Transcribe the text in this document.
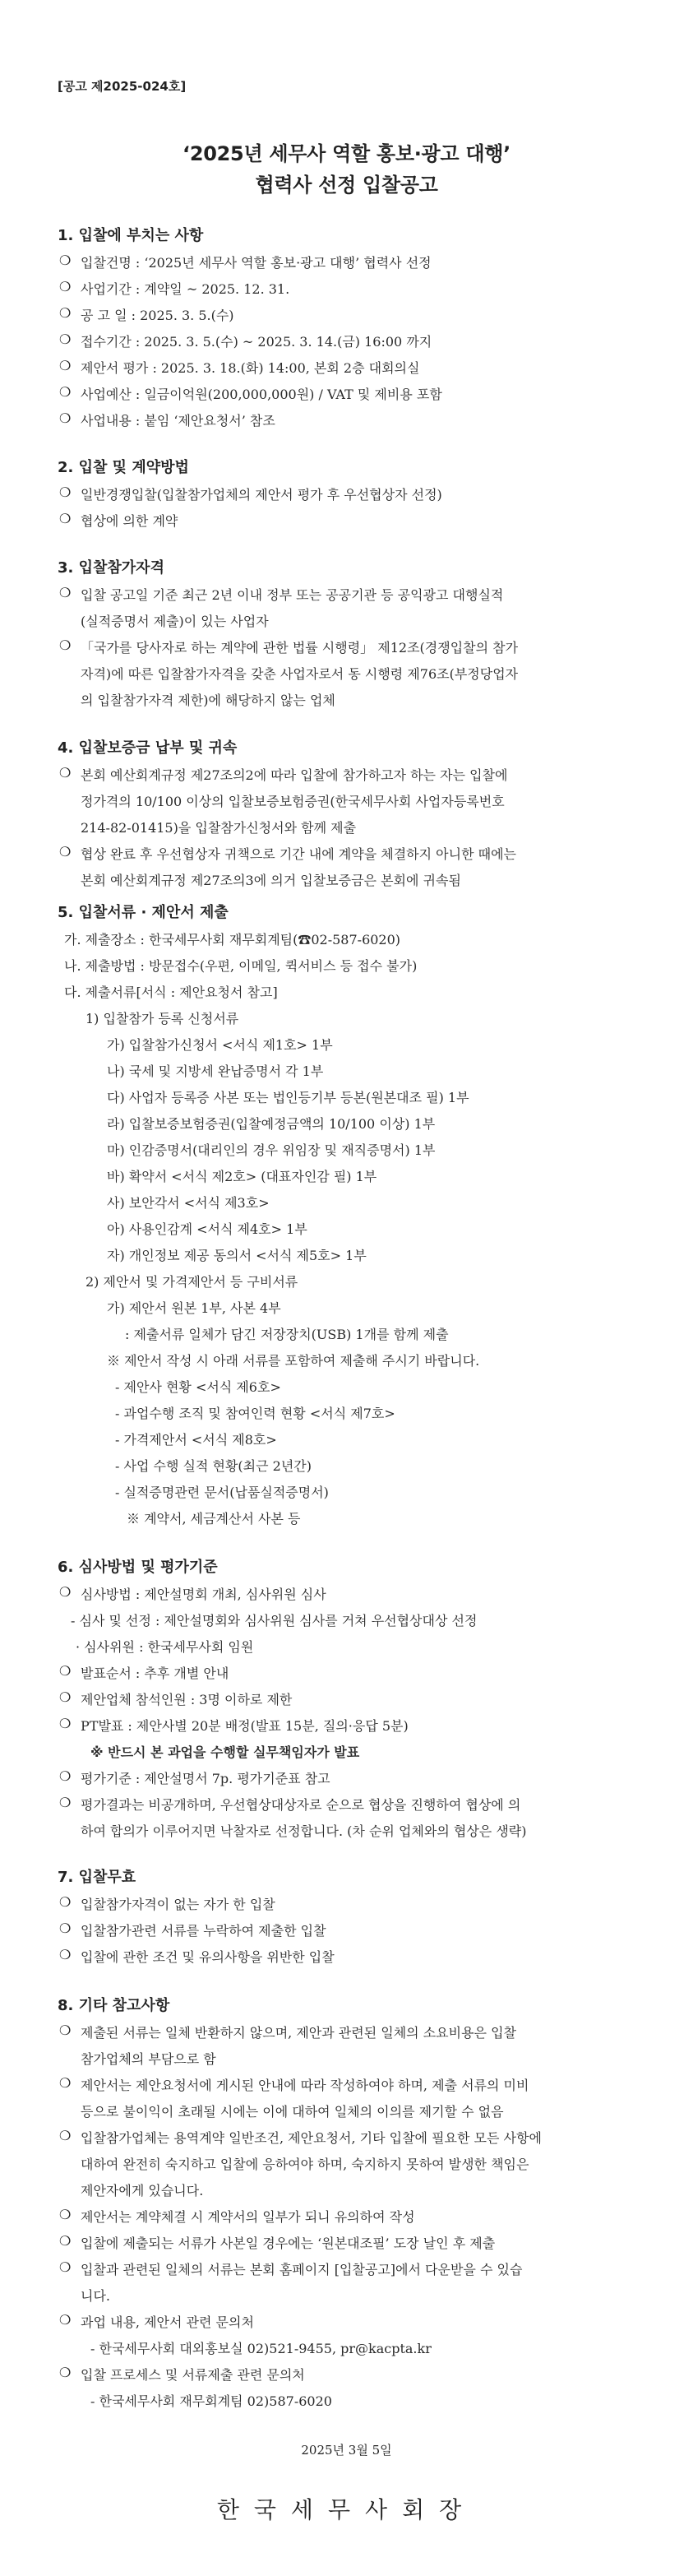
[공고 제2025-024호]
‘2025년 세무사 역할 홍보·광고 대행’
협력사 선정 입찰공고
1. 입찰에 부치는 사항
❍ 입찰건명 : ‘2025년 세무사 역할 홍보·광고 대행’ 협력사 선정
❍ 사업기간 : 계약일 ~ 2025. 12. 31.
❍ 공 고 일 : 2025. 3. 5.(수)
❍ 접수기간 : 2025. 3. 5.(수) ~ 2025. 3. 14.(금) 16:00 까지
❍ 제안서 평가 : 2025. 3. 18.(화) 14:00, 본회 2층 대회의실
❍ 사업예산 : 일금이억원(200,000,000원) / VAT 및 제비용 포함
❍ 사업내용 : 붙임 ‘제안요청서’ 참조
2. 입찰 및 계약방법
❍ 일반경쟁입찰(입찰참가업체의 제안서 평가 후 우선협상자 선정)
❍ 협상에 의한 계약
3. 입찰참가자격
❍ 입찰 공고일 기준 최근 2년 이내 정부 또는 공공기관 등 공익광고 대행실적
(실적증명서 제출)이 있는 사업자
❍ 「국가를 당사자로 하는 계약에 관한 법률 시행령」 제12조(경쟁입찰의 참가
자격)에 따른 입찰참가자격을 갖춘 사업자로서 동 시행령 제76조(부정당업자
의 입찰참가자격 제한)에 해당하지 않는 업체
4. 입찰보증금 납부 및 귀속
❍ 본회 예산회계규정 제27조의2에 따라 입찰에 참가하고자 하는 자는 입찰에
정가격의 10/100 이상의 입찰보증보험증권(한국세무사회 사업자등록번호
214-82-01415)을 입찰참가신청서와 함께 제출
❍ 협상 완료 후 우선협상자 귀책으로 기간 내에 계약을 체결하지 아니한 때에는
본회 예산회계규정 제27조의3에 의거 입찰보증금은 본회에 귀속됨
5. 입찰서류 · 제안서 제출
가. 제출장소 : 한국세무사회 재무회계팀(☎02-587-6020)
나. 제출방법 : 방문접수(우편, 이메일, 퀵서비스 등 접수 불가)
다. 제출서류[서식 : 제안요청서 참고]
1) 입찰참가 등록 신청서류
가) 입찰참가신청서 <서식 제1호> 1부
나) 국세 및 지방세 완납증명서 각 1부
다) 사업자 등록증 사본 또는 법인등기부 등본(원본대조 필) 1부
라) 입찰보증보험증권(입찰예정금액의 10/100 이상) 1부
마) 인감증명서(대리인의 경우 위임장 및 재직증명서) 1부
바) 확약서 <서식 제2호> (대표자인감 필) 1부
사) 보안각서 <서식 제3호>
아) 사용인감계 <서식 제4호> 1부
자) 개인정보 제공 동의서 <서식 제5호> 1부
2) 제안서 및 가격제안서 등 구비서류
가) 제안서 원본 1부, 사본 4부
: 제출서류 일체가 담긴 저장장치(USB) 1개를 함께 제출
※ 제안서 작성 시 아래 서류를 포함하여 제출해 주시기 바랍니다.
- 제안사 현황 <서식 제6호>
- 과업수행 조직 및 참여인력 현황 <서식 제7호>
- 가격제안서 <서식 제8호>
- 사업 수행 실적 현황(최근 2년간)
- 실적증명관련 문서(납품실적증명서)
※ 계약서, 세금계산서 사본 등
6. 심사방법 및 평가기준
❍ 심사방법 : 제안설명회 개최, 심사위원 심사
- 심사 및 선정 : 제안설명회와 심사위원 심사를 거쳐 우선협상대상 선정
· 심사위원 : 한국세무사회 임원
❍ 발표순서 : 추후 개별 안내
❍ 제안업체 참석인원 : 3명 이하로 제한
❍ PT발표 : 제안사별 20분 배정(발표 15분, 질의·응답 5분)
※ 반드시 본 과업을 수행할 실무책임자가 발표
❍ 평가기준 : 제안설명서 7p. 평가기준표 참고
❍ 평가결과는 비공개하며, 우선협상대상자로 순으로 협상을 진행하여 협상에 의
하여 합의가 이루어지면 낙찰자로 선정합니다. (차 순위 업체와의 협상은 생략)
7. 입찰무효
❍ 입찰참가자격이 없는 자가 한 입찰
❍ 입찰참가관련 서류를 누락하여 제출한 입찰
❍ 입찰에 관한 조건 및 유의사항을 위반한 입찰
8. 기타 참고사항
❍ 제출된 서류는 일체 반환하지 않으며, 제안과 관련된 일체의 소요비용은 입찰
참가업체의 부담으로 함
❍ 제안서는 제안요청서에 게시된 안내에 따라 작성하여야 하며, 제출 서류의 미비
등으로 불이익이 초래될 시에는 이에 대하여 일체의 이의를 제기할 수 없음
❍ 입찰참가업체는 용역계약 일반조건, 제안요청서, 기타 입찰에 필요한 모든 사항에
대하여 완전히 숙지하고 입찰에 응하여야 하며, 숙지하지 못하여 발생한 책임은
제안자에게 있습니다.
❍ 제안서는 계약체결 시 계약서의 일부가 되니 유의하여 작성
❍ 입찰에 제출되는 서류가 사본일 경우에는 ‘원본대조필’ 도장 날인 후 제출
❍ 입찰과 관련된 일체의 서류는 본회 홈페이지 [입찰공고]에서 다운받을 수 있습
니다.
❍ 과업 내용, 제안서 관련 문의처
- 한국세무사회 대외홍보실 02)521-9455, pr@kacpta.kr
❍ 입찰 프로세스 및 서류제출 관련 문의처
- 한국세무사회 재무회계팀 02)587-6020
2025년 3월 5일
한국세무사회장
